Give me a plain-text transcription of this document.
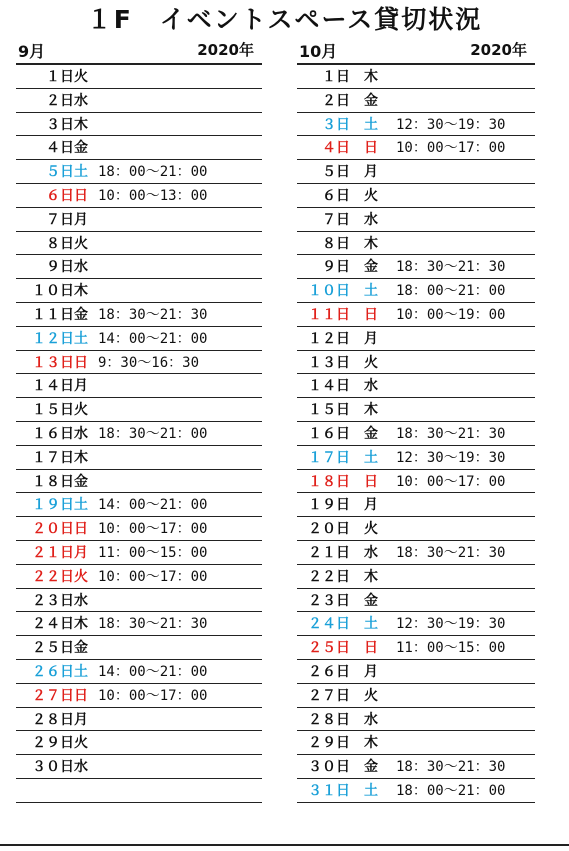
１F　イベントスペース貸切状況
9月	2020年
１日 火
２日 水
３日 木
４日 金
５日 土 18：00～21：00
６日 日 10：00～13：00
７日 月
８日 火
９日 水
１０日 木
１１日 金 18：30～21：30
１２日 土 14：00～21：00
１３日 日 9：30～16：30
１４日 月
１５日 火
１６日 水 18：30～21：00
１７日 木
１８日 金
１９日 土 14：00～21：00
２０日 日 10：00～17：00
２１日 月 11：00～15：00
２２日 火 10：00～17：00
２３日 水
２４日 木 18：30～21：30
２５日 金
２６日 土 14：00～21：00
２７日 日 10：00～17：00
２８日 月
２９日 火
３０日 水
10月	2020年
１日 木
２日 金
３日 土 12：30～19：30
４日 日 10：00～17：00
５日 月
６日 火
７日 水
８日 木
９日 金 18：30～21：30
１０日 土 18：00～21：00
１１日 日 10：00～19：00
１２日 月
１３日 火
１４日 水
１５日 木
１６日 金 18：30～21：30
１７日 土 12：30～19：30
１８日 日 10：00～17：00
１９日 月
２０日 火
２１日 水 18：30～21：30
２２日 木
２３日 金
２４日 土 12：30～19：30
２５日 日 11：00～15：00
２６日 月
２７日 火
２８日 水
２９日 木
３０日 金 18：30～21：30
３１日 土 18：00～21：00
